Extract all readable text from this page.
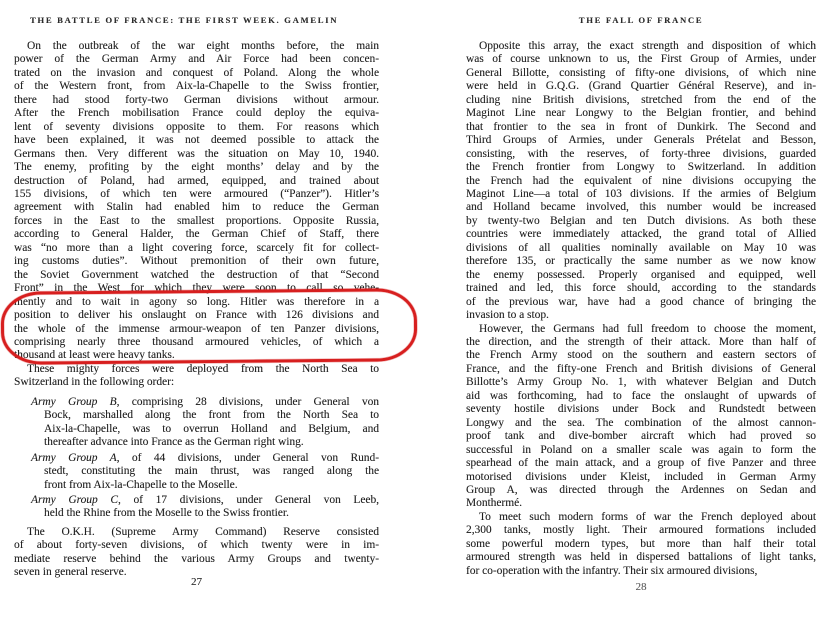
THE BATTLE OF FRANCE: THE FIRST WEEK. GAMELIN
On the outbreak of the war eight months before, the main
power of the German Army and Air Force had been concen-
trated on the invasion and conquest of Poland. Along the whole
of the Western front, from Aix-la-Chapelle to the Swiss frontier,
there had stood forty-two German divisions without armour.
After the French mobilisation France could deploy the equiva-
lent of seventy divisions opposite to them. For reasons which
have been explained, it was not deemed possible to attack the
Germans then. Very different was the situation on May 10, 1940.
The enemy, profiting by the eight months’ delay and by the
destruction of Poland, had armed, equipped, and trained about
155 divisions, of which ten were armoured (“Panzer”). Hitler’s
agreement with Stalin had enabled him to reduce the German
forces in the East to the smallest proportions. Opposite Russia,
according to General Halder, the German Chief of Staff, there
was “no more than a light covering force, scarcely fit for collect-
ing customs duties”. Without premonition of their own future,
the Soviet Government watched the destruction of that “Second
Front” in the West for which they were soon to call so vehe-
mently and to wait in agony so long. Hitler was therefore in a
position to deliver his onslaught on France with 126 divisions and
the whole of the immense armour-weapon of ten Panzer divisions,
comprising nearly three thousand armoured vehicles, of which a
thousand at least were heavy tanks.
These mighty forces were deployed from the North Sea to
Switzerland in the following order:
Army Group B, comprising 28 divisions, under General von
Bock, marshalled along the front from the North Sea to
Aix-la-Chapelle, was to overrun Holland and Belgium, and
thereafter advance into France as the German right wing.
Army Group A, of 44 divisions, under General von Rund-
stedt, constituting the main thrust, was ranged along the
front from Aix-la-Chapelle to the Moselle.
Army Group C, of 17 divisions, under General von Leeb,
held the Rhine from the Moselle to the Swiss frontier.
The O.K.H. (Supreme Army Command) Reserve consisted
of about forty-seven divisions, of which twenty were in im-
mediate reserve behind the various Army Groups and twenty-
seven in general reserve.
27
THE FALL OF FRANCE
Opposite this array, the exact strength and disposition of which
was of course unknown to us, the First Group of Armies, under
General Billotte, consisting of fifty-one divisions, of which nine
were held in G.Q.G. (Grand Quartier Général Reserve), and in-
cluding nine British divisions, stretched from the end of the
Maginot Line near Longwy to the Belgian frontier, and behind
that frontier to the sea in front of Dunkirk. The Second and
Third Groups of Armies, under Generals Prételat and Besson,
consisting, with the reserves, of forty-three divisions, guarded
the French frontier from Longwy to Switzerland. In addition
the French had the equivalent of nine divisions occupying the
Maginot Line—a total of 103 divisions. If the armies of Belgium
and Holland became involved, this number would be increased
by twenty-two Belgian and ten Dutch divisions. As both these
countries were immediately attacked, the grand total of Allied
divisions of all qualities nominally available on May 10 was
therefore 135, or practically the same number as we now know
the enemy possessed. Properly organised and equipped, well
trained and led, this force should, according to the standards
of the previous war, have had a good chance of bringing the
invasion to a stop.
However, the Germans had full freedom to choose the moment,
the direction, and the strength of their attack. More than half of
the French Army stood on the southern and eastern sectors of
France, and the fifty-one French and British divisions of General
Billotte’s Army Group No. 1, with whatever Belgian and Dutch
aid was forthcoming, had to face the onslaught of upwards of
seventy hostile divisions under Bock and Rundstedt between
Longwy and the sea. The combination of the almost cannon-
proof tank and dive-bomber aircraft which had proved so
successful in Poland on a smaller scale was again to form the
spearhead of the main attack, and a group of five Panzer and three
motorised divisions under Kleist, included in German Army
Group A, was directed through the Ardennes on Sedan and
Monthermé.
To meet such modern forms of war the French deployed about
2,300 tanks, mostly light. Their armoured formations included
some powerful modern types, but more than half their total
armoured strength was held in dispersed battalions of light tanks,
for co-operation with the infantry. Their six armoured divisions,
28
